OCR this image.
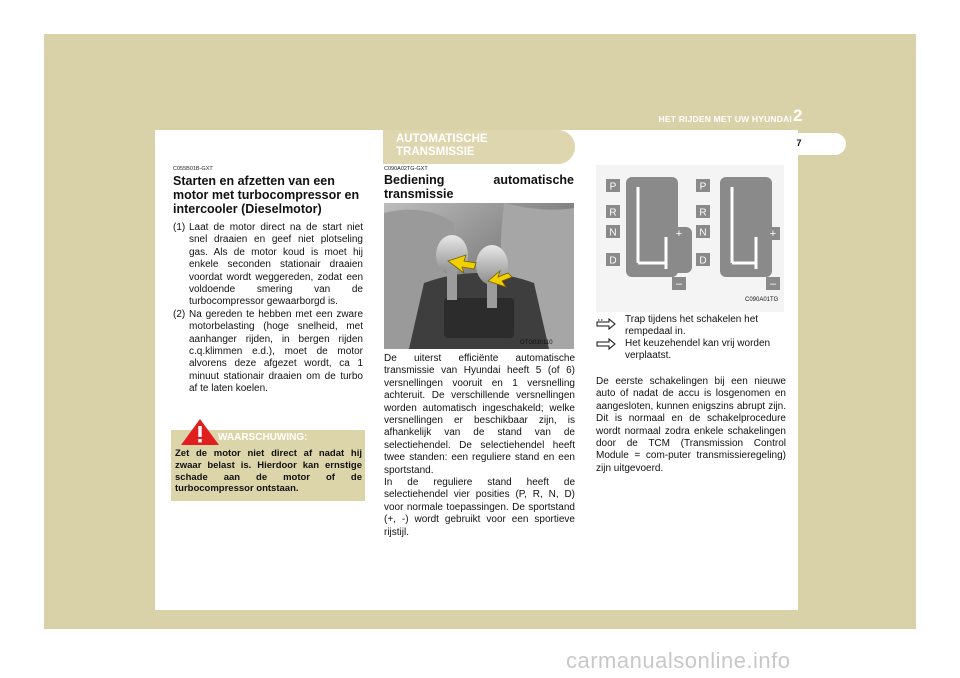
HET RIJDEN MET UW HYUNDAI 2
7
AUTOMATISCHE
TRANSMISSIE
C055B01B-GXT
Starten en afzetten van een motor met turbocompressor en intercooler (Dieselmotor)
(1) Laat de motor direct na de start niet snel draaien en geef niet plotseling gas. Als de motor koud is moet hij enkele seconden stationair draaien voordat wordt weggereden, zodat een voldoende smering van de turbocompressor gewaarborgd is.
(2) Na gereden te hebben met een zware motorbelasting (hoge snelheid, met aanhanger rijden, in bergen rijden c.q.klimmen e.d.), moet de motor alvorens deze afgezet wordt, ca 1 minuut stationair draaien om de turbo af te laten koelen.
WAARSCHUWING:
Zet de motor niet direct af nadat hij zwaar belast is. Hierdoor kan ernstige schade aan de motor of de turbocompressor ontstaan.
C090A02TG-GXT
Bediening automatische transmissie
OTG030110
De uiterst efficiënte automatische transmissie van Hyundai heeft 5 (of 6) versnellingen vooruit en 1 versnelling achteruit. De verschillende versnellingen worden automatisch ingeschakeld; welke versnellingen er beschikbaar zijn, is afhankelijk van de stand van de selectiehendel. De selectiehendel heeft twee standen: een reguliere stand en een sportstand.
In de reguliere stand heeft de selectiehendel vier posities (P, R, N, D) voor normale toepassingen. De sportstand (+, -) wordt gebruikt voor een sportieve rijstijl.
P
R
N
D
+
–
P
R
N
D
+
–
C090A01TG
Trap tijdens het schakelen het rempedaal in.
Het keuzehendel kan vrij worden verplaatst.
De eerste schakelingen bij een nieuwe auto of nadat de accu is losgenomen en aangesloten, kunnen enigszins abrupt zijn. Dit is normaal en de schakelprocedure wordt normaal zodra enkele schakelingen door de TCM (Transmission Control Module = com-puter transmissieregeling) zijn uitgevoerd.
carmanualsonline.info
